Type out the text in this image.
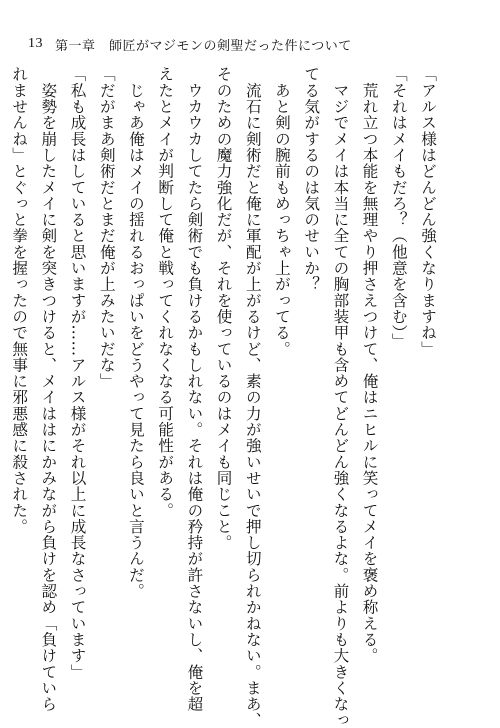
13 第一章　師匠がマジモンの剣聖だった件について
「アルス様はどんどん強くなりますね」
「それはメイもだろ？（他意を含む）」
　荒れ立つ本能を無理やり押さえつけて、俺はニヒルに笑ってメイを褒め称える。
　マジでメイは本当に全ての胸部装甲も含めてどんどん強くなるよな。前よりも大きくなっ
てる気がするのは気のせいか？
　あと剣の腕前もめっちゃ上がってる。
　流石に剣術だと俺に軍配が上がるけど、素の力が強いせいで押し切られかねない。まあ、
そのための魔力強化だが、それを使っているのはメイも同じこと。
　ウカウカしてたら剣術でも負けるかもしれない。それは俺の矜持が許さないし、俺を超
えたとメイが判断して俺と戦ってくれなくなる可能性がある。
　じゃあ俺はメイの揺れるおっぱいをどうやって見たら良いと言うんだ。
「だがまあ剣術だとまだ俺が上みたいだな」
「私も成長はしていると思いますが……アルス様がそれ以上に成長なさっています」
　姿勢を崩したメイに剣を突きつけると、メイははにかみながら負けを認め「負けていら
れませんね」とぐっと拳を握ったので無事に邪悪感に殺された。
